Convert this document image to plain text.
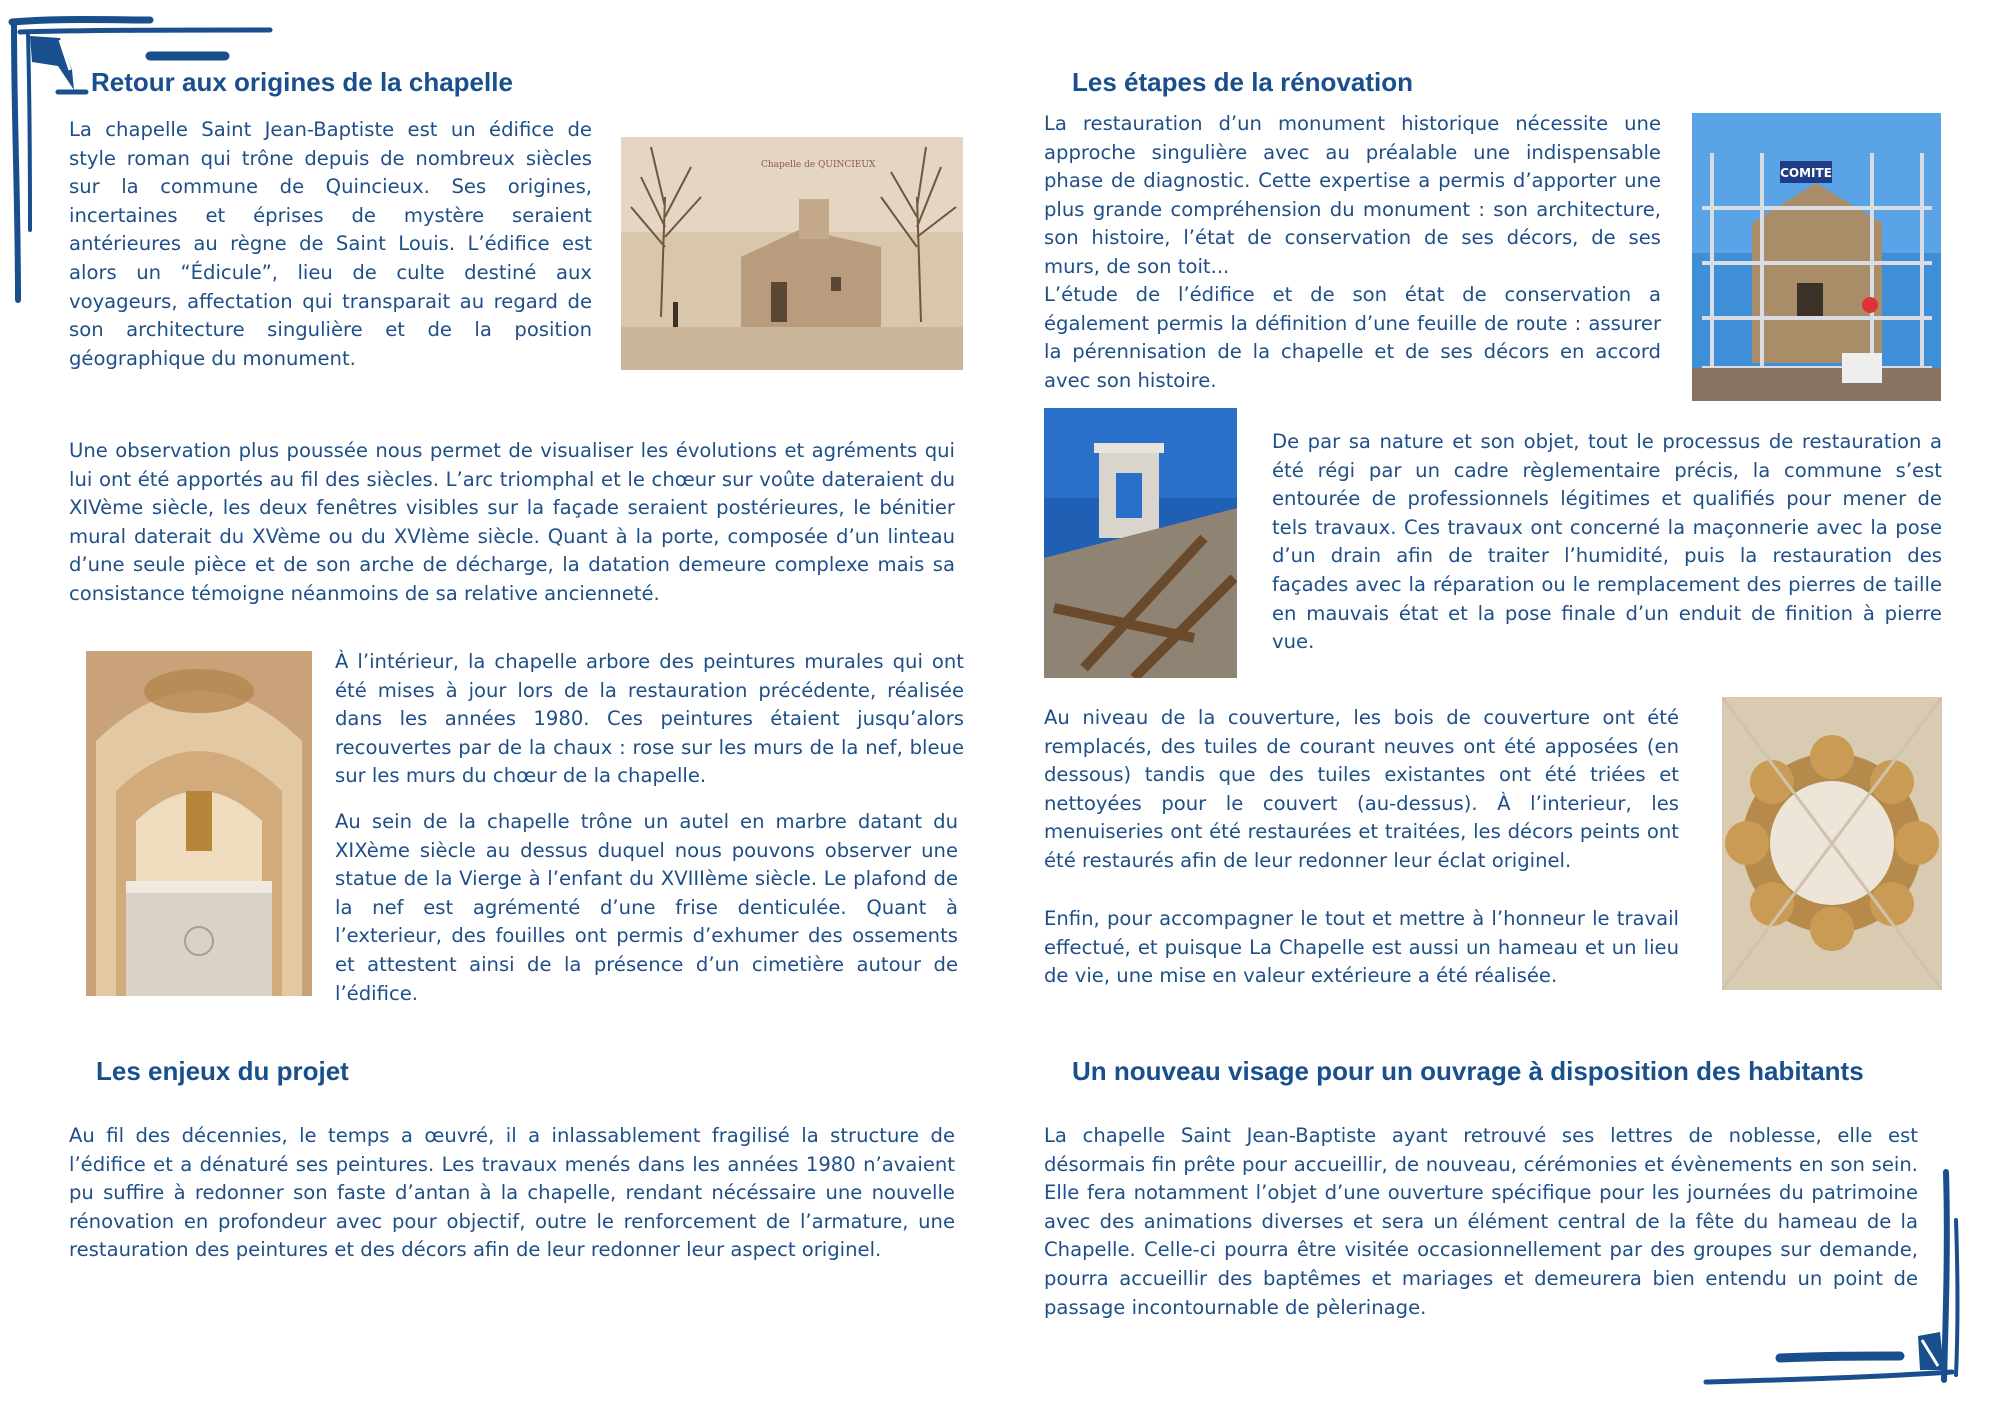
Retour aux origines de la chapelle

La chapelle Saint Jean-Baptiste est un édifice de style roman qui trône depuis de nombreux siècles sur la commune de Quincieux. Ses origines, incertaines et éprises de mystère seraient antérieures au règne de Saint Louis. L’édifice est alors un “Édicule”, lieu de culte destiné aux voyageurs, affectation qui transparait au regard de son architecture singulière et de la position géographique du monument.

Chapelle de QUINCIEUX

Une observation plus poussée nous permet de visualiser les évolutions et agréments qui lui ont été apportés au fil des siècles. L’arc triomphal et le chœur sur voûte dateraient du XIVème siècle, les deux fenêtres visibles sur la façade seraient postérieures, le bénitier mural daterait du XVème ou du XVIème siècle. Quant à la porte, composée d’un linteau d’une seule pièce et de son arche de décharge, la datation demeure complexe mais sa consistance témoigne néanmoins de sa relative ancienneté.

À l’intérieur, la chapelle arbore des peintures murales qui ont été mises à jour lors de la restauration précédente, réalisée dans les années 1980. Ces peintures étaient jusqu’alors recouvertes par de la chaux : rose sur les murs de la nef, bleue sur les murs du chœur de la chapelle.

Au sein de la chapelle trône un autel en marbre datant du XIXème siècle au dessus duquel nous pouvons observer une statue de la Vierge à l’enfant du XVIIIème siècle. Le plafond de la nef est agrémenté d’une frise denticulée. Quant à l’exterieur, des fouilles ont permis d’exhumer des ossements et attestent ainsi de la présence d’un cimetière autour de l’édifice.

Les étapes de la rénovation

La restauration d’un monument historique nécessite une approche singulière avec au préalable une indispensable phase de diagnostic. Cette expertise a permis d’apporter une plus grande compréhension du monument : son architecture, son histoire, l’état de conservation de ses décors, de ses murs, de son toit...

L’étude de l’édifice et de son état de conservation a également permis la définition d’une feuille de route : assurer la pérennisation de la chapelle et de ses décors en accord avec son histoire.

COMITE

De par sa nature et son objet, tout le processus de restauration a été régi par un cadre règlementaire précis, la commune s’est entourée de professionnels légitimes et qualifiés pour mener de tels travaux. Ces travaux ont concerné la maçonnerie avec la pose d’un drain afin de traiter l’humidité, puis la restauration des façades avec la réparation ou le remplacement des pierres de taille en mauvais état et la pose finale d’un enduit de finition à pierre vue.

Au niveau de la couverture, les bois de couverture ont été remplacés, des tuiles de courant neuves ont été apposées (en dessous) tandis que des tuiles existantes ont été triées et nettoyées pour le couvert (au-dessus). À l’interieur, les menuiseries ont été restaurées et traitées, les décors peints ont été restaurés afin de leur redonner leur éclat originel.

Enfin, pour accompagner le tout et mettre à l’honneur le travail effectué, et puisque La Chapelle est aussi un hameau et un lieu de vie, une mise en valeur extérieure a été réalisée.

Les enjeux du projet

Au fil des décennies, le temps a œuvré, il a inlassablement fragilisé la structure de l’édifice et a dénaturé ses peintures. Les travaux menés dans les années 1980 n’avaient pu suffire à redonner son faste d’antan à la chapelle, rendant nécéssaire une nouvelle rénovation en profondeur avec pour objectif, outre le renforcement de l’armature, une restauration des peintures et des décors afin de leur redonner leur aspect originel.

Un nouveau visage pour un ouvrage à disposition des habitants

La chapelle Saint Jean-Baptiste ayant retrouvé ses lettres de noblesse, elle est désormais fin prête pour accueillir, de nouveau, cérémonies et évènements en son sein. Elle fera notamment l’objet d’une ouverture spécifique pour les journées du patrimoine avec des animations diverses et sera un élément central de la fête du hameau de la Chapelle. Celle-ci pourra être visitée occasionnellement par des groupes sur demande, pourra accueillir des baptêmes et mariages et demeurera bien entendu un point de passage incontournable de pèlerinage.
